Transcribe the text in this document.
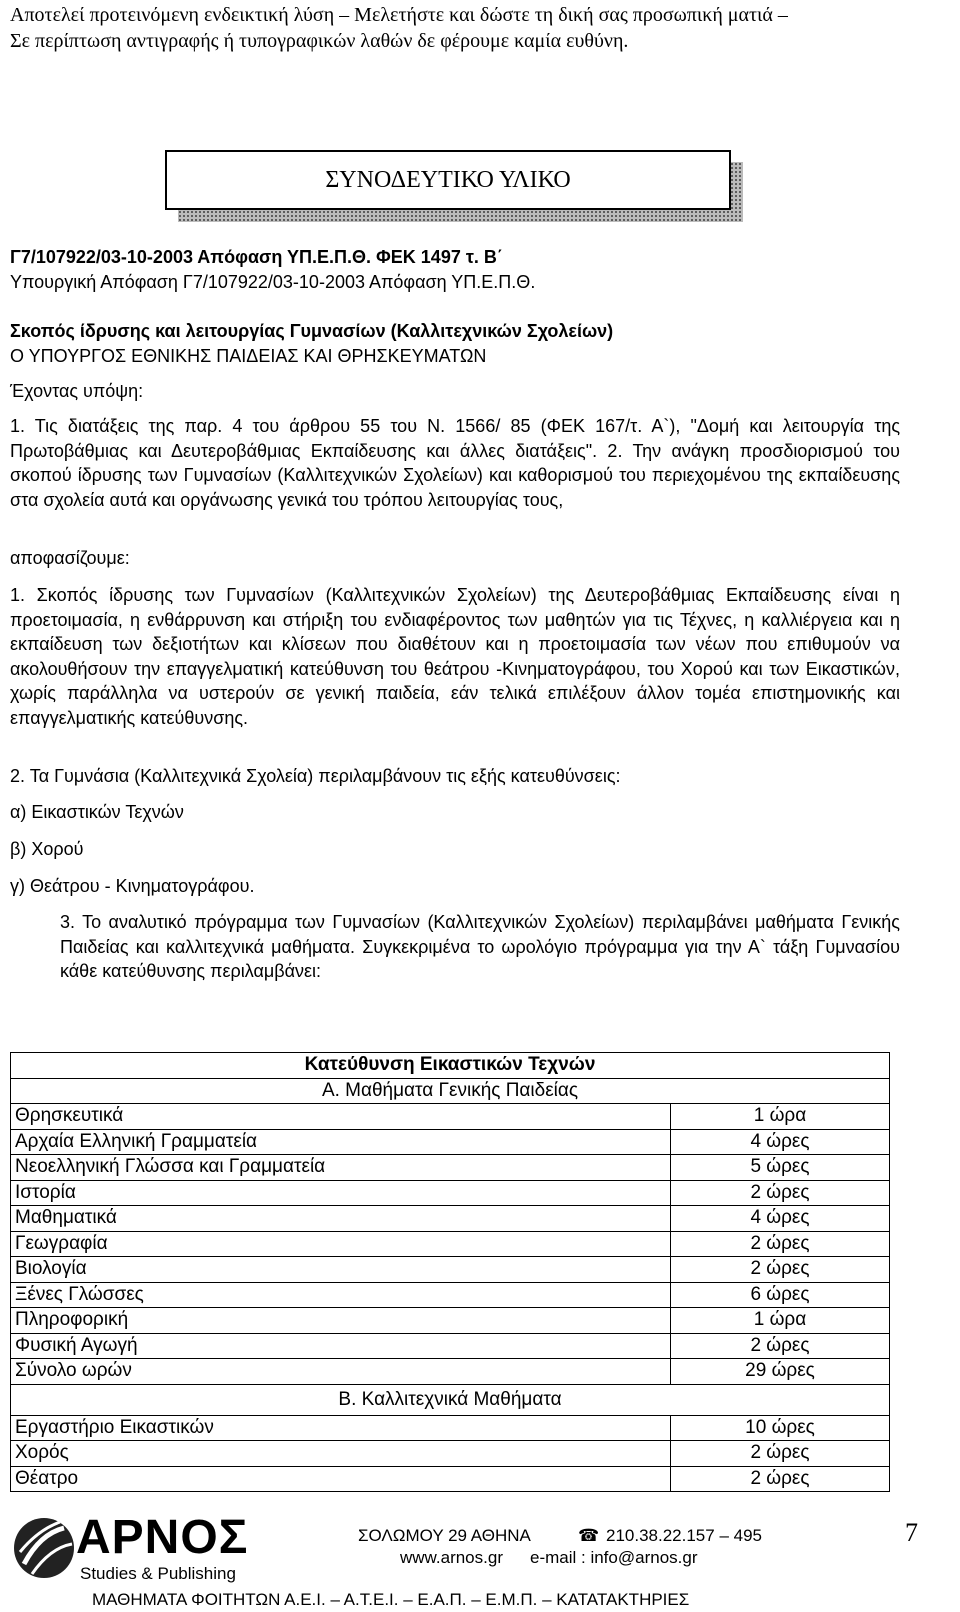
Αποτελεί προτεινόμενη ενδεικτική λύση – Μελετήστε και δώστε τη δική σας προσωπική ματιά –
Σε περίπτωση αντιγραφής ή τυπογραφικών λαθών δε φέρουμε καμία ευθύνη.
ΣΥΝΟΔΕΥΤΙΚΟ ΥΛΙΚΟ
Γ7/107922/03-10-2003 Απόφαση ΥΠ.Ε.Π.Θ. ΦΕΚ 1497 τ. Β΄
Υπουργική Απόφαση Γ7/107922/03-10-2003 Απόφαση ΥΠ.Ε.Π.Θ.
Σκοπός ίδρυσης και λειτουργίας Γυμνασίων (Καλλιτεχνικών Σχολείων)
Ο ΥΠΟΥΡΓΟΣ ΕΘΝΙΚΗΣ ΠΑΙΔΕΙΑΣ ΚΑΙ ΘΡΗΣΚΕΥΜΑΤΩΝ
Έχοντας υπόψη:
1. Τις διατάξεις της παρ. 4 του άρθρου 55 του Ν. 1566/ 85 (ΦΕΚ 167/τ. Α`), "Δομή και λειτουργία της Πρωτοβάθμιας και Δευτεροβάθμιας Εκπαίδευσης και άλλες διατάξεις". 2. Την ανάγκη προσδιορισμού του σκοπού ίδρυσης των Γυμνασίων (Καλλιτεχνικών Σχολείων) και καθορισμού του περιεχομένου της εκπαίδευσης στα σχολεία αυτά και οργάνωσης γενικά του τρόπου λειτουργίας τους,
αποφασίζουμε:
1. Σκοπός ίδρυσης των Γυμνασίων (Καλλιτεχνικών Σχολείων) της Δευτεροβάθμιας Εκπαίδευσης είναι η προετοιμασία, η ενθάρρυνση και στήριξη του ενδιαφέροντος των μαθητών για τις Τέχνες, η καλλιέργεια και η εκπαίδευση των δεξιοτήτων και κλίσεων που διαθέτουν και η προετοιμασία των νέων που επιθυμούν να ακολουθήσουν την επαγγελματική κατεύθυνση του θεάτρου -Κινηματογράφου, του Χορού και των Εικαστικών, χωρίς παράλληλα να υστερούν σε γενική παιδεία, εάν τελικά επιλέξουν άλλον τομέα επιστημονικής και επαγγελματικής κατεύθυνσης.
2. Τα Γυμνάσια (Καλλιτεχνικά Σχολεία) περιλαμβάνουν τις εξής κατευθύνσεις:
α) Εικαστικών Τεχνών
β) Χορού
γ) Θεάτρου - Κινηματογράφου.
3. Το αναλυτικό πρόγραμμα των Γυμνασίων (Καλλιτεχνικών Σχολείων) περιλαμβάνει μαθήματα Γενικής Παιδείας και καλλιτεχνικά μαθήματα. Συγκεκριμένα το ωρολόγιο πρόγραμμα για την Α` τάξη Γυμνασίου κάθε κατεύθυνσης περιλαμβάνει:
Κατεύθυνση Εικαστικών Τεχνών	
Α. Μαθήματα Γενικής Παιδείας	
Θρησκευτικά	1 ώρα
Αρχαία Ελληνική Γραμματεία	4 ώρες
Νεοελληνική Γλώσσα και Γραμματεία	5 ώρες
Ιστορία	2 ώρες
Μαθηματικά	4 ώρες
Γεωγραφία	2 ώρες
Βιολογία	2 ώρες
Ξένες Γλώσσες	6 ώρες
Πληροφορική	1 ώρα
Φυσική Αγωγή	2 ώρες
Σύνολο ωρών	29 ώρες
Β. Καλλιτεχνικά Μαθήματα	
Εργαστήριο Εικαστικών	10 ώρες
Χορός	2 ώρες
Θέατρο	2 ώρες
ΑΡΝΟΣ
Studies & Publishing
ΣΟΛΩΜΟΥ 29 ΑΘΗΝΑ	☎ 210.38.22.157 – 495
www.arnos.gr e-mail : info@arnos.gr
7
ΜΑΘΗΜΑΤΑ ΦΟΙΤΗΤΩΝ Α.Ε.Ι. – Α.Τ.Ε.Ι. – Ε.Α.Π. – Ε.Μ.Π. – ΚΑΤΑΤΑΚΤΗΡΙΕΣ
